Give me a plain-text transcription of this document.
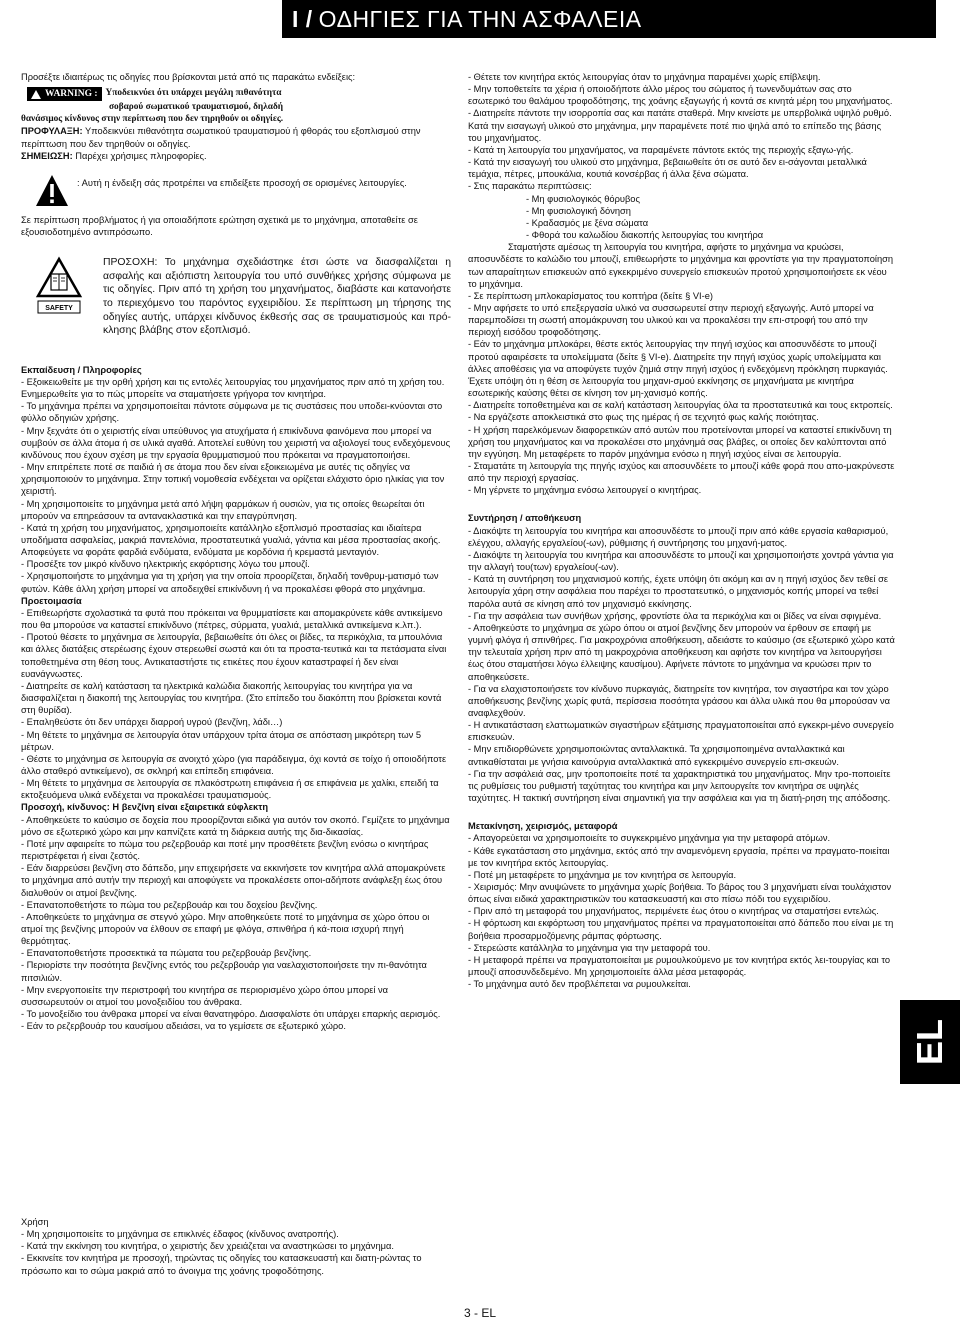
I / ΟΔΗΓΙΕΣ ΓΙΑ ΤΗΝ ΑΣΦΑΛΕΙΑ

Προσέξτε ιδιαιτέρως τις οδηγίες που βρίσκονται μετά από τις παρακάτω ενδείξεις:

WARNING : Υποδεικνύει ότι υπάρχει μεγάλη πιθανότητα

σοβαρού σωματικού τραυματισμού, δηλαδή

θανάσιμος κίνδυνος στην περίπτωση που δεν τηρηθούν οι οδηγίες.

ΠΡΟΦΥΛΑΞΗ: Υποδεικνύει πιθανότητα σωματικού τραυματισμού ή φθοράς του εξοπλισμού στην περίπτωση που δεν τηρηθούν οι οδηγίες.

ΣΗΜΕΙΩΣΗ: Παρέχει χρήσιμες πληροφορίες.

: Αυτή η ένδειξη σάς προτρέπει να επιδείξετε προσοχή σε ορισμένες λειτουργίες.

Σε περίπτωση προβλήματος ή για οποιαδήποτε ερώτηση σχετικά με το μηχάνημα, αποταθείτε σε εξουσιοδοτημένο αντιπρόσωπο.

SAFETY

ΠΡΟΣΟΧΗ: Το μηχάνημα σχεδιάστηκε έτσι ώστε να διασφαλίζεται η ασφαλής και αξιόπιστη λειτουργία του υπό συνθήκες χρήσης σύμφωνα με τις οδηγίες. Πριν από τη χρήση του μηχανήματος, διαβάστε και κατανοήστε το περιεχόμενο του παρόντος εγχειριδίου. Σε περίπτωση μη τήρησης της οδηγίες αυτής, υπάρχει κίνδυνος έκθεσής σας σε τραυματισμούς και πρό-κλησης βλάβης στον εξοπλισμό.

Εκπαίδευση / Πληροφορίες

- Εξοικειωθείτε με την ορθή χρήση και τις εντολές λειτουργίας του μηχανήματος πριν από τη χρήση του. Ενημερωθείτε για το πώς μπορείτε να σταματήσετε γρήγορα τον κινητήρα.

- Το μηχάνημα πρέπει να χρησιμοποιείται πάντοτε σύμφωνα με τις συστάσεις που υποδει-κνύονται στο φύλλο οδηγιών χρήσης.

- Μην ξεχνάτε ότι ο χειριστής είναι υπεύθυνος για ατυχήματα ή επικίνδυνα φαινόμενα που μπορεί να συμβούν σε άλλα άτομα ή σε υλικά αγαθά. Αποτελεί ευθύνη του χειριστή να αξιολογεί τους ενδεχόμενους κινδύνους που έχουν σχέση με την εργασία θρυμματισμού που πρόκειται να πραγματοποιήσει.

- Μην επιτρέπετε ποτέ σε παιδιά ή σε άτομα που δεν είναι εξοικειωμένα με αυτές τις οδηγίες να χρησιμοποιούν το μηχάνημα. Στην τοπική νομοθεσία ενδέχεται να ορίζεται ελάχιστο όριο ηλικίας για τον χειριστή.

- Μη χρησιμοποιείτε το μηχάνημα μετά από λήψη φαρμάκων ή ουσιών, για τις οποίες θεωρείται ότι μπορούν να επηρεάσουν τα αντανακλαστικά και την επαγρύπνηση.

- Κατά τη χρήση του μηχανήματος, χρησιμοποιείτε κατάλληλο εξοπλισμό προστασίας και ιδιαίτερα υποδήματα ασφαλείας, μακριά παντελόνια, προστατευτικά γυαλιά, γάντια και μέσα προστασίας ακοής. Αποφεύγετε να φοράτε φαρδιά ενδύματα, ενδύματα με κορδόνια ή κρεμαστά μενταγιόν.

- Προσέξτε τον μικρό κίνδυνο ηλεκτρικής εκφόρτισης λόγω του μπουζί.

- Χρησιμοποιήστε το μηχάνημα για τη χρήση για την οποία προορίζεται, δηλαδή τονθρυμ-ματισμό των φυτών. Κάθε άλλη χρήση μπορεί να αποδειχθεί επικίνδυνη ή να προκαλέσει φθορά στο μηχάνημα.

Προετοιμασία

- Επιθεωρήστε σχολαστικά τα φυτά που πρόκειται να θρυμματίσετε και απομακρύνετε κάθε αντικείμενο που θα μπορούσε να καταστεί επικίνδυνο (πέτρες, σύρματα, γυαλιά, μεταλλικά αντικείμενα κ.λπ.).

- Προτού θέσετε το μηχάνημα σε λειτουργία, βεβαιωθείτε ότι όλες οι βίδες, τα περικόχλια, τα μπουλόνια και άλλες διατάξεις στερέωσης έχουν στερεωθεί σωστά και ότι τα προστα-τευτικά και τα πετάσματα είναι τοποθετημένα στη θέση τους. Αντικαταστήστε τις ετικέτες που έχουν καταστραφεί ή δεν είναι ευανάγνωστες.

- Διατηρείτε σε καλή κατάσταση τα ηλεκτρικά καλώδια διακοπής λειτουργίας του κινητήρα για να διασφαλίζεται η διακοπή της λειτουργίας του κινητήρα. (Στο επίπεδο του διακόπτη που βρίσκεται κοντά στη θυρίδα).

- Επαληθεύστε ότι δεν υπάρχει διαρροή υγρού (βενζίνη, λάδι…)

- Μη θέτετε το μηχάνημα σε λειτουργία όταν υπάρχουν τρίτα άτομα σε απόσταση μικρότερη των 5 μέτρων.

- Θέστε το μηχάνημα σε λειτουργία σε ανοιχτό χώρο (για παράδειγμα, όχι κοντά σε τοίχο ή οποιοδήποτε άλλο σταθερό αντικείμενο), σε σκληρή και επίπεδη επιφάνεια.

- Μη θέτετε το μηχάνημα σε λειτουργία σε πλακόστρωτη επιφάνεια ή σε επιφάνεια με χαλίκι, επειδή τα εκτοξευόμενα υλικά ενδέχεται να προκαλέσει τραυματισμούς.

Προσοχή, κίνδυνος: Η βενζίνη είναι εξαιρετικά εύφλεκτη

- Αποθηκεύετε το καύσιμο σε δοχεία που προορίζονται ειδικά για αυτόν τον σκοπό. Γεμίζετε το μηχάνημα μόνο σε εξωτερικό χώρο και μην καπνίζετε κατά τη διάρκεια αυτής της δια-δικασίας.

- Ποτέ μην αφαιρείτε το πώμα του ρεζερβουάρ και ποτέ μην προσθέτετε βενζίνη ενόσω ο κινητήρας περιστρέφεται ή είναι ζεστός.

- Εάν διαρρεύσει βενζίνη στο δάπεδο, μην επιχειρήσετε να εκκινήσετε τον κινητήρα αλλά απομακρύνετε το μηχάνημα από αυτήν την περιοχή και αποφύγετε να προκαλέσετε οποι-αδήποτε ανάφλεξη έως ότου διαλυθούν οι ατμοί βενζίνης.

- Επανατοποθετήστε το πώμα του ρεζερβουάρ και του δοχείου βενζίνης.

- Αποθηκεύετε το μηχάνημα σε στεγνό χώρο. Μην αποθηκεύετε ποτέ το μηχάνημα σε χώρο όπου οι ατμοί της βενζίνης μπορούν να έλθουν σε επαφή με φλόγα, σπινθήρα ή κά-ποια ισχυρή πηγή θερμότητας.

- Επανατοποθετήστε προσεκτικά τα πώματα του ρεζερβουάρ βενζίνης.

- Περιορίστε την ποσότητα βενζίνης εντός του ρεζερβουάρ για ναελαχιστοποιήσετε την πι-θανότητα πιτσιλιών.

- Μην ενεργοποιείτε την περιστροφή του κινητήρα σε περιορισμένο χώρο όπου μπορεί να συσσωρευτούν οι ατμοί του μονοξειδίου του άνθρακα.

- Το μονοξείδιο του άνθρακα μπορεί να είναι θανατηφόρο. Διασφαλίστε ότι υπάρχει επαρκής αερισμός.

- Εάν το ρεζερβουάρ του καυσίμου αδειάσει, να το γεμίσετε σε εξωτερικό χώρο.

Χρήση

- Μη χρησιμοποιείτε το μηχάνημα σε επικλινές έδαφος (κίνδυνος ανατροπής).

- Κατά την εκκίνηση του κινητήρα, ο χειριστής δεν χρειάζεται να αναστηκώσει το μηχάνημα.

- Εκκινείτε τον κινητήρα με προσοχή, τηρώντας τις οδηγίες του κατασκευαστή και διατη-ρώντας το πρόσωπο και το σώμα μακριά από το άνοιγμα της χοάνης τροφοδότησης.

- Θέτετε τον κινητήρα εκτός λειτουργίας όταν το μηχάνημα παραμένει χωρίς επίβλεψη.

- Μην τοποθετείτε τα χέρια ή οποιοδήποτε άλλο μέρος του σώματος ή τωνενδυμάτων σας στο εσωτερικό του θαλάμου τροφοδότησης, της χοάνης εξαγωγής ή κοντά σε κινητά μέρη του μηχανήματος.

- Διατηρείτε πάντοτε την ισορροπία σας και πατάτε σταθερά. Μην κινείστε με υπερβολικά υψηλό ρυθμό. Κατά την εισαγωγή υλικού στο μηχάνημα, μην παραμένετε ποτέ πιο ψηλά από το επίπεδο της βάσης του μηχανήματος.

- Κατά τη λειτουργία του μηχανήματος, να παραμένετε πάντοτε εκτός της περιοχής εξαγω-γής.

- Κατά την εισαγωγή του υλικού στο μηχάνημα, βεβαιωθείτε ότι σε αυτό δεν ει-σάγονται μεταλλικά τεμάχια, πέτρες, μπουκάλια, κουτιά κονσέρβας ή άλλα ξένα σώματα.

- Στις παρακάτω περιπτώσεις:

- Μη φυσιολογικός θόρυβος

- Μη φυσιολογική δόνηση

- Κραδασμός με ξένα σώματα

- Φθορά του καλωδίου διακοπής λειτουργίας του κινητήρα

Σταματήστε αμέσως τη λειτουργία του κινητήρα, αφήστε το μηχάνημα να κρυώσει, αποσυνδέστε το καλώδιο του μπουζί, επιθεωρήστε το μηχάνημα και φροντίστε για την πραγματοποίηση των απαραίτητων επισκευών από εγκεκριμένο συνεργείο επισκευών προτού χρησιμοποιήσετε εκ νέου το μηχάνημα.

- Σε περίπτωση μπλοκαρίσματος του κοπτήρα (δείτε § VI-e)

- Μην αφήσετε το υπό επεξεργασία υλικό να συσσωρευτεί στην περιοχή εξαγωγής. Αυτό μπορεί να παρεμποδίσει τη σωστή απομάκρυνση του υλικού και να προκαλέσει την επι-στροφή του από την περιοχή εισόδου τροφοδότησης.

- Εάν το μηχάνημα μπλοκάρει, θέστε εκτός λειτουργίας την πηγή ισχύος και αποσυνδέστε το μπουζί προτού αφαιρέσετε τα υπολείμματα (δείτε § VI-e). Διατηρείτε την πηγή ισχύος χωρίς υπολείμματα και άλλες αποθέσεις για να αποφύγετε τυχόν ζημιά στην πηγή ισχύος ή ενδεχόμενη πρόκληση πυρκαγιάς. Έχετε υπόψη ότι η θέση σε λειτουργία του μηχανι-σμού εκκίνησης σε μηχανήματα με κινητήρα εσωτερικής καύσης θέτει σε κίνηση τον μη-χανισμό κοπής.

- Διατηρείτε τοποθετημένα και σε καλή κατάσταση λειτουργίας όλα τα προστατευτικά και τους εκτροπείς.

- Να εργάζεστε αποκλειστικά στο φως της ημέρας ή σε τεχνητό φως καλής ποιότητας.

- Η χρήση παρελκόμενων διαφορετικών από αυτών που προτείνονται μπορεί να καταστεί επικίνδυνη τη χρήση του μηχανήματος και να προκαλέσει στο μηχάνημά σας βλάβες, οι οποίες δεν καλύπτονται από την εγγύηση. Μη μεταφέρετε το παρόν μηχάνημα ενόσω η πηγή ισχύος είναι σε λειτουργία.

- Σταματάτε τη λειτουργία της πηγής ισχύος και αποσυνδέετε το μπουζί κάθε φορά που απο-μακρύνεστε από την περιοχή εργασίας.

- Μη γέρνετε το μηχάνημα ενόσω λειτουργεί ο κινητήρας.

Συντήρηση / αποθήκευση

- Διακόψτε τη λειτουργία του κινητήρα και αποσυνδέστε το μπουζί πριν από κάθε εργασία καθαρισμού, ελέγχου, αλλαγής εργαλείου(-ων), ρύθμισης ή συντήρησης του μηχανή-ματος.

- Διακόψτε τη λειτουργία του κινητήρα και αποσυνδέστε το μπουζί και χρησιμοποιήστε χοντρά γάντια για την αλλαγή του(των) εργαλείου(-ων).

- Κατά τη συντήρηση του μηχανισμού κοπής, έχετε υπόψη ότι ακόμη και αν η πηγή ισχύος δεν τεθεί σε λειτουργία χάρη στην ασφάλεια που παρέχει το προστατευτικό, ο μηχανισμός κοπής μπορεί να τεθεί παρόλα αυτά σε κίνηση από τον μηχανισμό εκκίνησης.

- Για την ασφάλεια των συνήθων χρήσης, φροντίστε όλα τα περικόχλια και οι βίδες να είναι σφιγμένα.

- Αποθηκεύστε το μηχάνημα σε χώρο όπου οι ατμοί βενζίνης δεν μπορούν να έρθουν σε επαφή με γυμνή φλόγα ή σπινθήρες. Για μακροχρόνια αποθήκευση, αδειάστε το καύσιμο (σε εξωτερικό χώρο κατά την τελευταία χρήση πριν από τη μακροχρόνια αποθήκευση και αφήστε τον κινητήρα να λειτουργήσει έως ότου σταματήσει λόγω έλλειψης καυσίμου). Αφήνετε πάντοτε το μηχάνημα να κρυώσει πριν το αποθηκεύσετε.

- Για να ελαχιστοποιήσετε τον κίνδυνο πυρκαγιάς, διατηρείτε τον κινητήρα, τον σιγαστήρα και τον χώρο αποθήκευσης βενζίνης χωρίς φυτά, περίσσεια ποσότητα γράσου και άλλα υλικά που θα μπορούσαν να αναφλεχθούν.

- Η αντικατάσταση ελαττωματικών σιγαστήρων εξάτμισης πραγματοποιείται από εγκεκρι-μένο συνεργείο επισκευών.

- Μην επιδιορθώνετε χρησιμοποιώντας ανταλλακτικά. Τα χρησιμοποιημένα ανταλλακτικά και αντικαθίσταται με γνήσια καινούργια ανταλλακτικά από εγκεκριμένο συνεργείο επι-σκευών.

- Για την ασφάλειά σας, μην τροποποιείτε ποτέ τα χαρακτηριστικά του μηχανήματος. Μην τρο-ποποιείτε τις ρυθμίσεις του ρυθμιστή ταχύτητας του κινητήρα και μην λειτουργείτε τον κινητήρα σε υψηλές ταχύτητες. Η τακτική συντήρηση είναι σημαντική για την ασφάλεια και για τη διατή-ρηση της απόδοσης.

Μετακίνηση, χειρισμός, μεταφορά

- Απαγορεύεται να χρησιμοποιείτε το συγκεκριμένο μηχάνημα για την μεταφορά ατόμων.

- Κάθε εγκατάσταση στο μηχάνημα, εκτός από την αναμενόμενη εργασία, πρέπει να πραγματο-ποιείται με τον κινητήρα εκτός λειτουργίας.

- Ποτέ μη μεταφέρετε το μηχάνημα με τον κινητήρα σε λειτουργία.

- Χειρισμός: Μην ανυψώνετε το μηχάνημα χωρίς βοήθεια. Το βάρος του 3 μηχανήματι είναι τουλάχιστον όπως είναι ειδικά χαρακτηριστικών του κατασκευαστή και στο πίσω πόδι του εγχειριδίου.

- Πριν από τη μεταφορά του μηχανήματος, περιμένετε έως ότου ο κινητήρας να σταματήσει εντελώς.

- Η φόρτωση και εκφόρτωση του μηχανήματος πρέπει να πραγματοποιείται από δάπεδο που είναι με τη βοήθεια προσαρμοζόμενης ράμπας φόρτωσης.

- Στερεώστε κατάλληλα το μηχάνημα για την μεταφορά του.

- Η μεταφορά πρέπει να πραγματοποιείται με ρυμουλκούμενο με τον κινητήρα εκτός λει-τουργίας και το μπουζί αποσυνδεδεμένο. Μη χρησιμοποιείτε άλλα μέσα μεταφοράς.

- Το μηχάνημα αυτό δεν προβλέπεται να ρυμουλκείται.

EL
3 - EL
